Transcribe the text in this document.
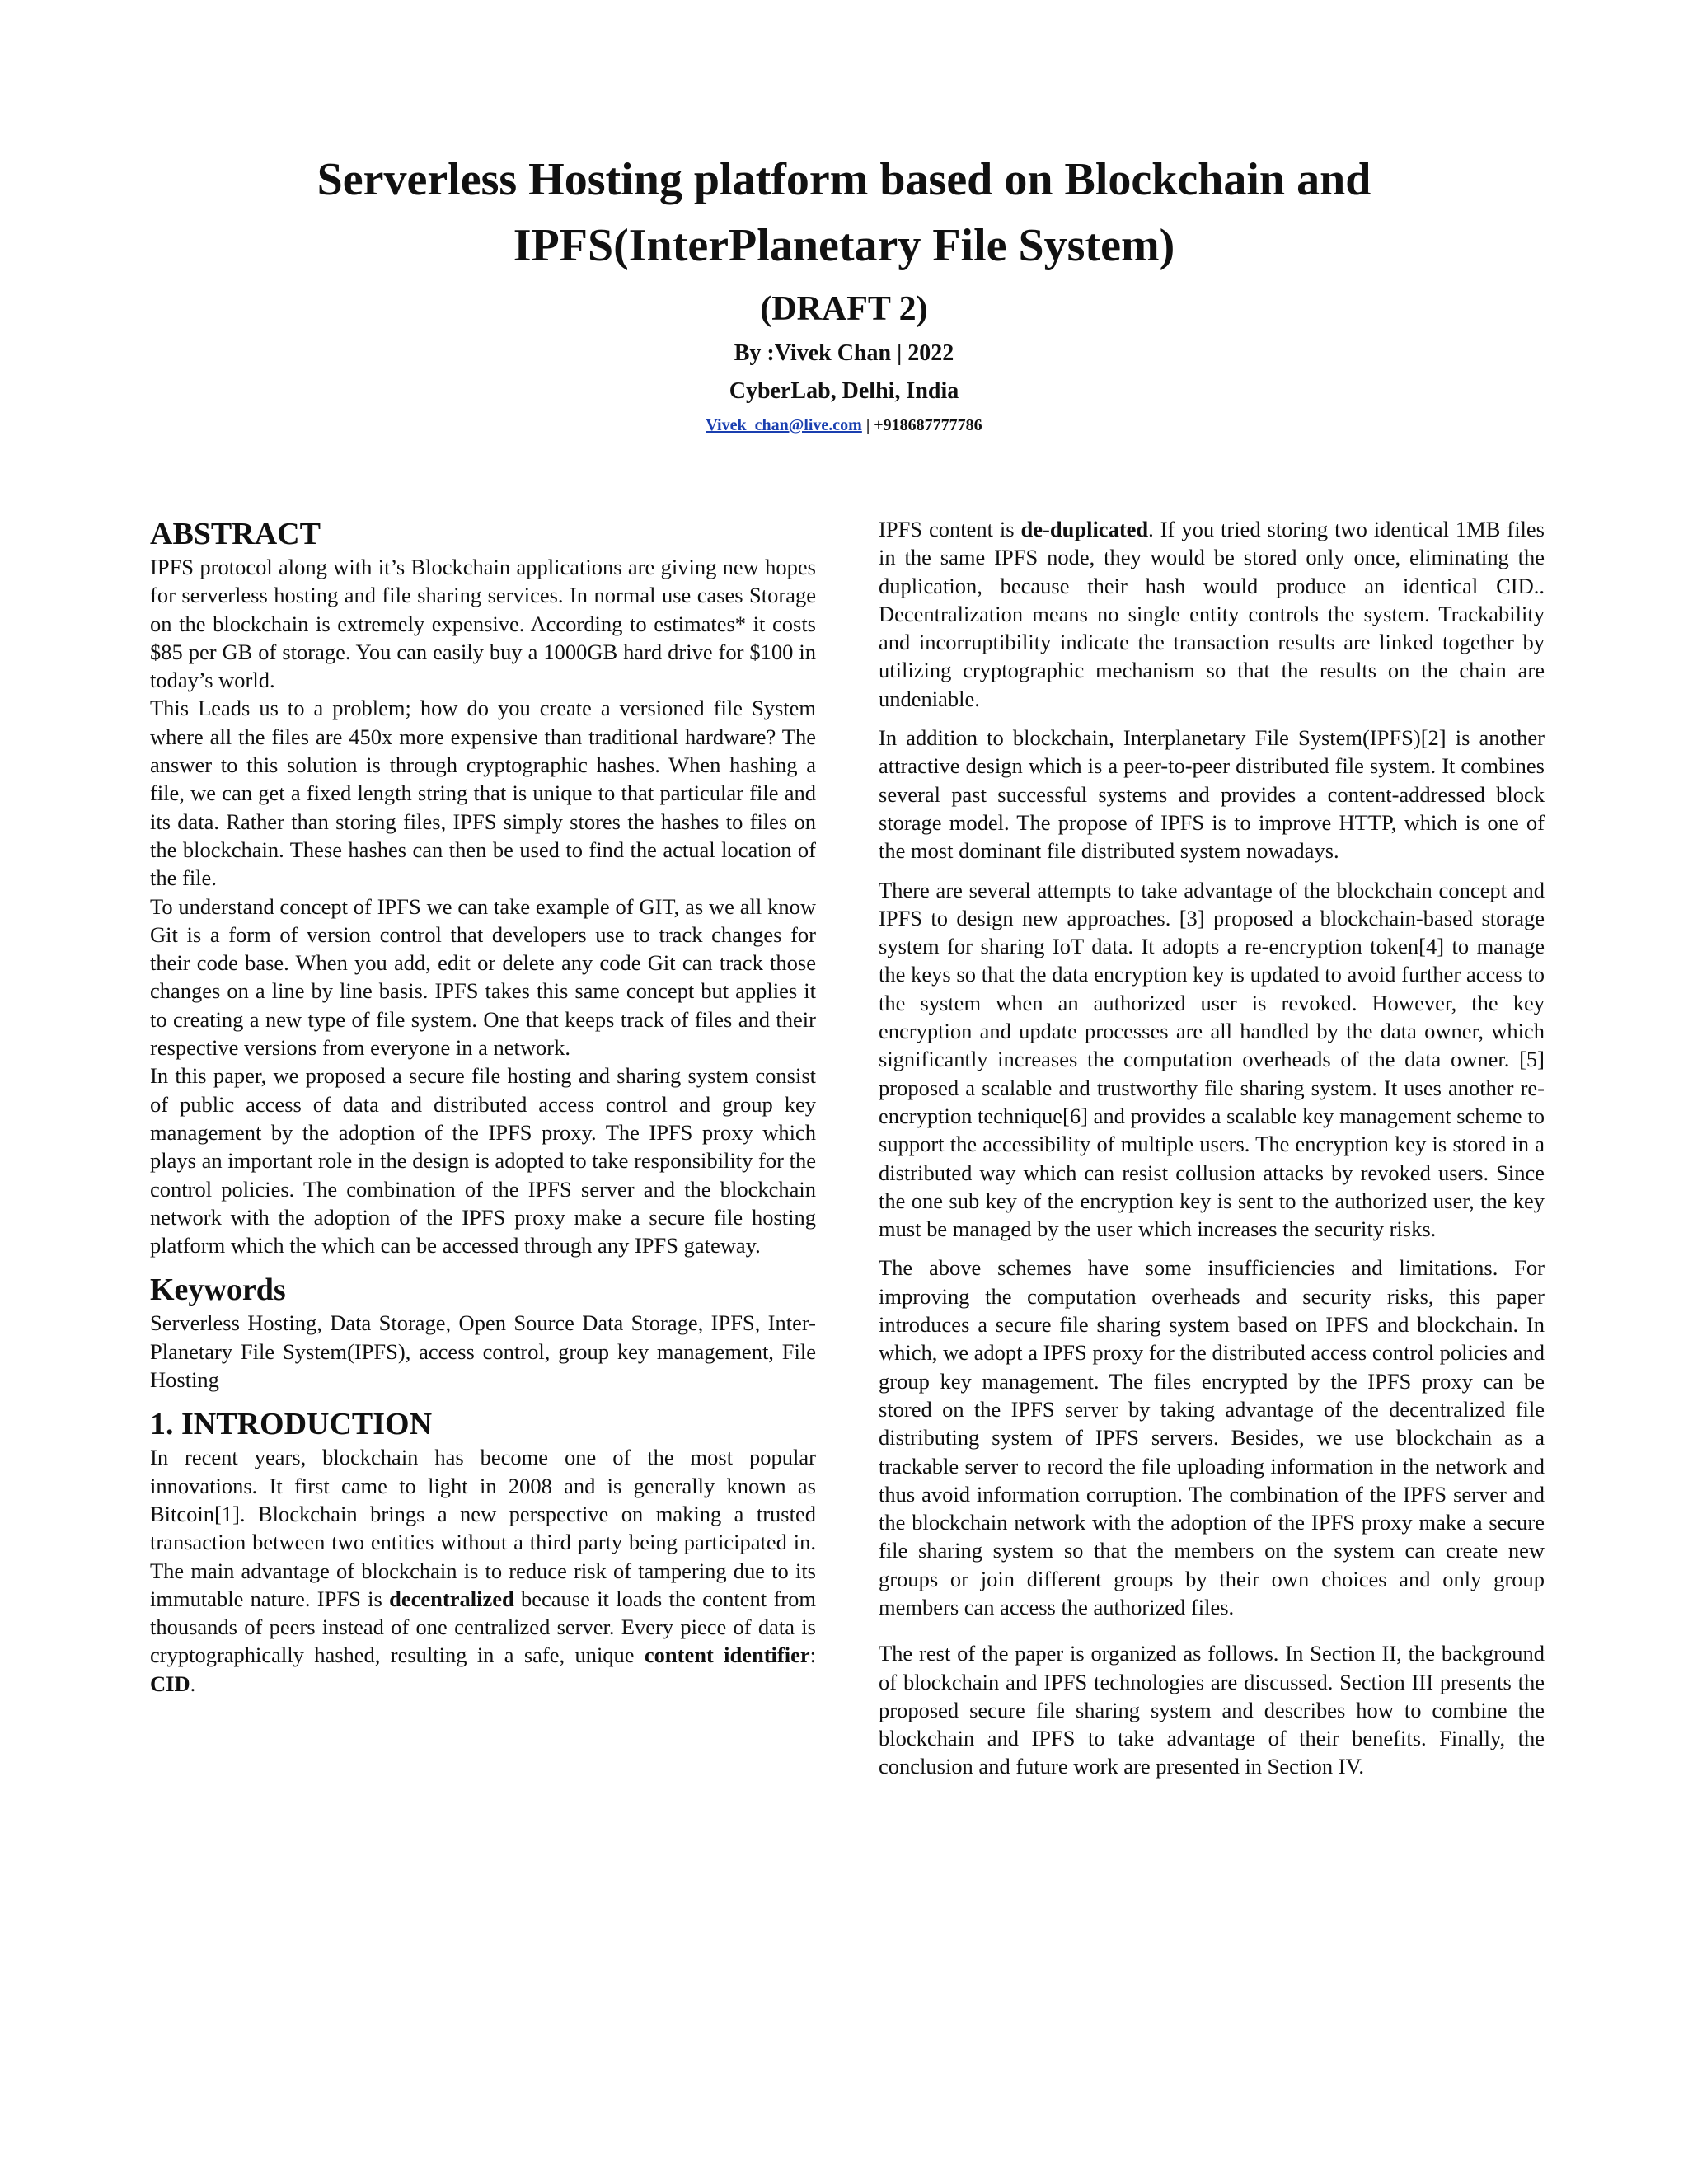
Serverless Hosting platform based on Blockchain and
IPFS(InterPlanetary File System)
(DRAFT 2)
By :Vivek Chan | 2022
CyberLab, Delhi, India
Vivek_chan@live.com | +918687777786
ABSTRACT

IPFS protocol along with it’s Blockchain applications are giving new hopes for serverless hosting and file sharing services. In normal use cases Storage on the blockchain is extremely expensive. According to estimates* it costs $85 per GB of storage. You can easily buy a 1000GB hard drive for $100 in today’s world.

This Leads us to a problem; how do you create a versioned file System where all the files are 450x more expensive than traditional hardware? The answer to this solution is through cryptographic hashes. When hashing a file, we can get a fixed length string that is unique to that particular file and its data. Rather than storing files, IPFS simply stores the hashes to files on the blockchain. These hashes can then be used to find the actual location of the file.

To understand concept of IPFS we can take example of GIT, as we all know Git is a form of version control that developers use to track changes for their code base. When you add, edit or delete any code Git can track those changes on a line by line basis. IPFS takes this same concept but applies it to creating a new type of file system. One that keeps track of files and their respective versions from everyone in a network.

In this paper, we proposed a secure file hosting and sharing system consist of public access of data and distributed access control and group key management by the adoption of the IPFS proxy. The IPFS proxy which plays an important role in the design is adopted to take responsibility for the control policies. The combination of the IPFS server and the blockchain network with the adoption of the IPFS proxy make a secure file hosting platform which the which can be accessed through any IPFS gateway.

Keywords

Serverless Hosting, Data Storage, Open Source Data Storage, IPFS, Inter-Planetary File System(IPFS), access control, group key management, File Hosting

1. INTRODUCTION

In recent years, blockchain has become one of the most popular innovations. It first came to light in 2008 and is generally known as Bitcoin[1]. Blockchain brings a new perspective on making a trusted transaction between two entities without a third party being participated in. The main advantage of blockchain is to reduce risk of tampering due to its immutable nature. IPFS is decentralized because it loads the content from thousands of peers instead of one centralized server. Every piece of data is cryptographically hashed, resulting in a safe, unique content identifier: CID.

IPFS content is de-duplicated. If you tried storing two identical 1MB files in the same IPFS node, they would be stored only once, eliminating the duplication, because their hash would produce an identical CID.. Decentralization means no single entity controls the system. Trackability and incorruptibility indicate the transaction results are linked together by utilizing cryptographic mechanism so that the results on the chain are undeniable.

In addition to blockchain, Interplanetary File System(IPFS)[2] is another attractive design which is a peer-to-peer distributed file system. It combines several past successful systems and provides a content-addressed block storage model. The propose of IPFS is to improve HTTP, which is one of the most dominant file distributed system nowadays.

There are several attempts to take advantage of the blockchain concept and IPFS to design new approaches. [3] proposed a blockchain-based storage system for sharing IoT data. It adopts a re-encryption token[4] to manage the keys so that the data encryption key is updated to avoid further access to the system when an authorized user is revoked. However, the key encryption and update processes are all handled by the data owner, which significantly increases the computation overheads of the data owner. [5] proposed a scalable and trustworthy file sharing system. It uses another re-encryption technique[6] and provides a scalable key management scheme to support the accessibility of multiple users. The encryption key is stored in a distributed way which can resist collusion attacks by revoked users. Since the one sub key of the encryption key is sent to the authorized user, the key must be managed by the user which increases the security risks.

The above schemes have some insufficiencies and limitations. For improving the computation overheads and security risks, this paper introduces a secure file sharing system based on IPFS and blockchain. In which, we adopt a IPFS proxy for the distributed access control policies and group key management. The files encrypted by the IPFS proxy can be stored on the IPFS server by taking advantage of the decentralized file distributing system of IPFS servers. Besides, we use blockchain as a trackable server to record the file uploading information in the network and thus avoid information corruption. The combination of the IPFS server and the blockchain network with the adoption of the IPFS proxy make a secure file sharing system so that the members on the system can create new groups or join different groups by their own choices and only group members can access the authorized files.

The rest of the paper is organized as follows. In Section II, the background of blockchain and IPFS technologies are discussed. Section III presents the proposed secure file sharing system and describes how to combine the blockchain and IPFS to take advantage of their benefits. Finally, the conclusion and future work are presented in Section IV.
